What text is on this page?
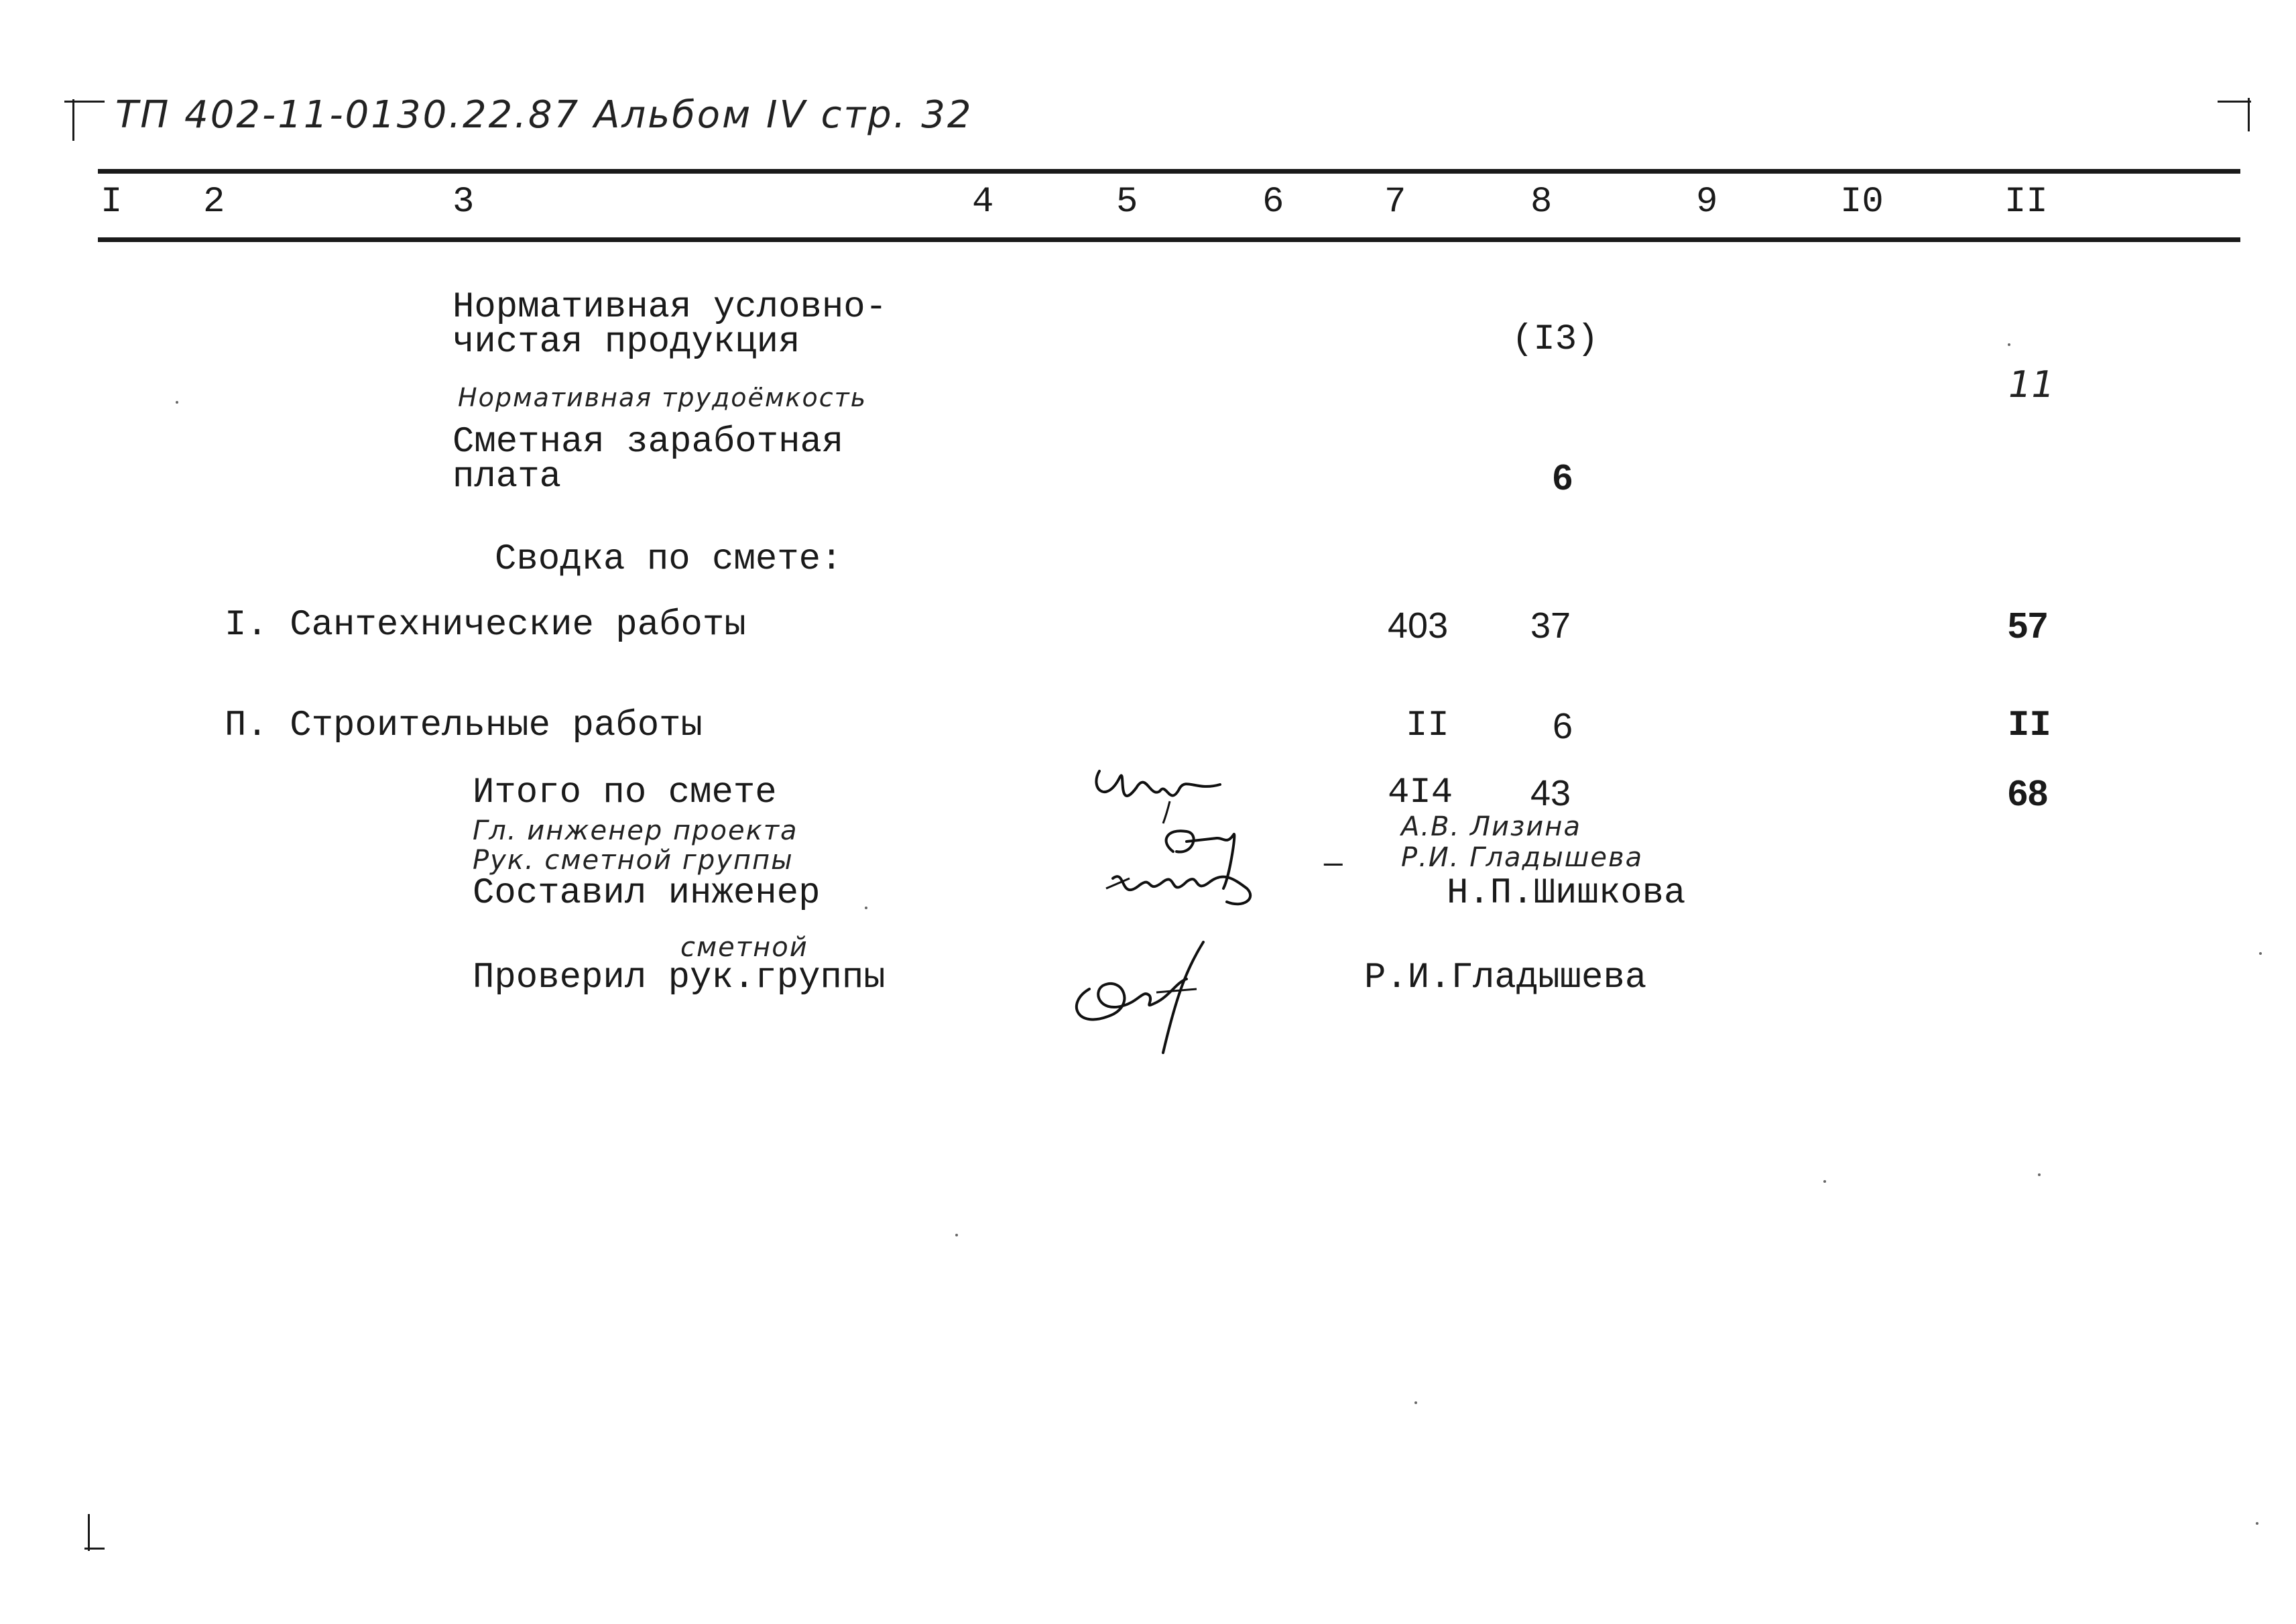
ТП 402-11-0130.22.87 Альбом IV стр. 32
I 2	3	4	5	6	7	8	9	I0	II
Нормативная условно-
чистая продукция	(I3)
Нормативная трудоёмкость	11
Сметная заработная
плата	6
Сводка по смете:
I. Сантехнические работы	403 37	57
П. Строительные работы	II	6	II
Итого по смете	4I4 43	68
Гл. инженер проекта	А.В. Лизина
Рук. сметной группы	— Р.И. Гладышева
Составил инженер	Н.П.Шишкова
сметной
Проверил рук.группы	Р.И.Гладышева
